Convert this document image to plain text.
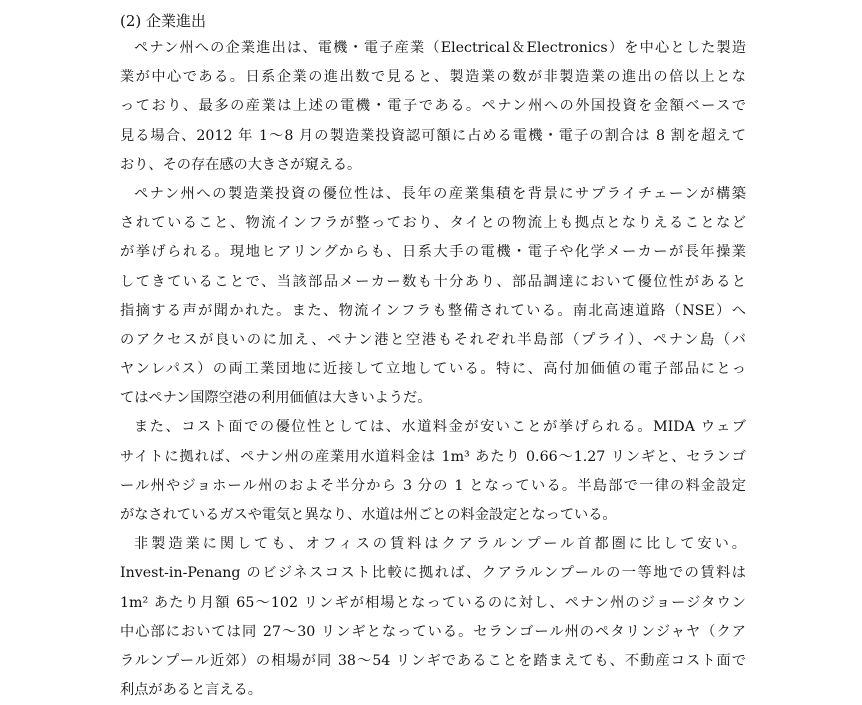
(2) 企業進出
ペナン州への企業進出は、電機・電子産業（Electrical＆Electronics）を中心とした製造
業が中心である。日系企業の進出数で見ると、製造業の数が非製造業の進出の倍以上とな
っており、最多の産業は上述の電機・電子である。ペナン州への外国投資を金額ベースで
見る場合、2012 年 1～8 月の製造業投資認可額に占める電機・電子の割合は 8 割を超えて
おり、その存在感の大きさが窺える。
ペナン州への製造業投資の優位性は、長年の産業集積を背景にサプライチェーンが構築
されていること、物流インフラが整っており、タイとの物流上も拠点となりえることなど
が挙げられる。現地ヒアリングからも、日系大手の電機・電子や化学メーカーが長年操業
してきていることで、当該部品メーカー数も十分あり、部品調達において優位性があると
指摘する声が聞かれた。また、物流インフラも整備されている。南北高速道路（NSE）へ
のアクセスが良いのに加え、ペナン港と空港もそれぞれ半島部（プライ）、ペナン島（バ
ヤンレパス）の両工業団地に近接して立地している。特に、高付加価値の電子部品にとっ
てはペナン国際空港の利用価値は大きいようだ。
また、コスト面での優位性としては、水道料金が安いことが挙げられる。MIDA ウェブ
サイトに拠れば、ペナン州の産業用水道料金は 1m³ あたり 0.66～1.27 リンギと、セランゴ
ール州やジョホール州のおよそ半分から 3 分の 1 となっている。半島部で一律の料金設定
がなされているガスや電気と異なり、水道は州ごとの料金設定となっている。
非製造業に関しても、オフィスの賃料はクアラルンプール首都圏に比して安い。
Invest-in-Penang のビジネスコスト比較に拠れば、クアラルンプールの一等地での賃料は
1m² あたり月額 65～102 リンギが相場となっているのに対し、ペナン州のジョージタウン
中心部においては同 27～30 リンギとなっている。セランゴール州のペタリンジャヤ（クア
ラルンプール近郊）の相場が同 38～54 リンギであることを踏まえても、不動産コスト面で
利点があると言える。
